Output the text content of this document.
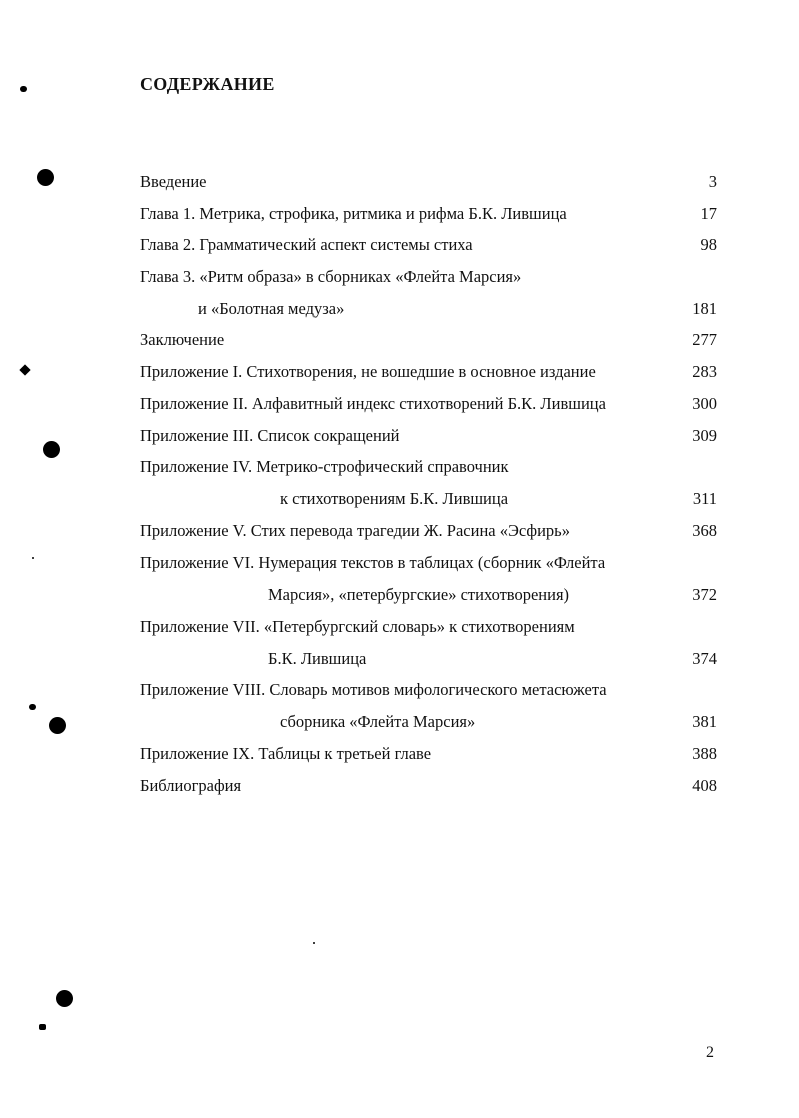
СОДЕРЖАНИЕ
Введение	3
Глава 1. Метрика, строфика, ритмика и рифма Б.К. Лившица	17
Глава 2. Грамматический аспект системы стиха	98
Глава 3. «Ритм образа» в сборниках «Флейта Марсия»
и «Болотная медуза»	181
Заключение	277
Приложение I. Стихотворения, не вошедшие в основное издание	283
Приложение II. Алфавитный индекс стихотворений Б.К. Лившица	300
Приложение III. Список сокращений	309
Приложение IV. Метрико-строфический справочник
к стихотворениям Б.К. Лившица	311
Приложение V. Стих перевода трагедии Ж. Расина «Эсфирь»	368
Приложение VI. Нумерация текстов в таблицах (сборник «Флейта
Марсия», «петербургские» стихотворения)	372
Приложение VII. «Петербургский словарь» к стихотворениям
Б.К. Лившица	374
Приложение VIII. Словарь мотивов мифологического метасюжета
сборника «Флейта Марсия»	381
Приложение IX. Таблицы к третьей главе	388
Библиография	408
2
